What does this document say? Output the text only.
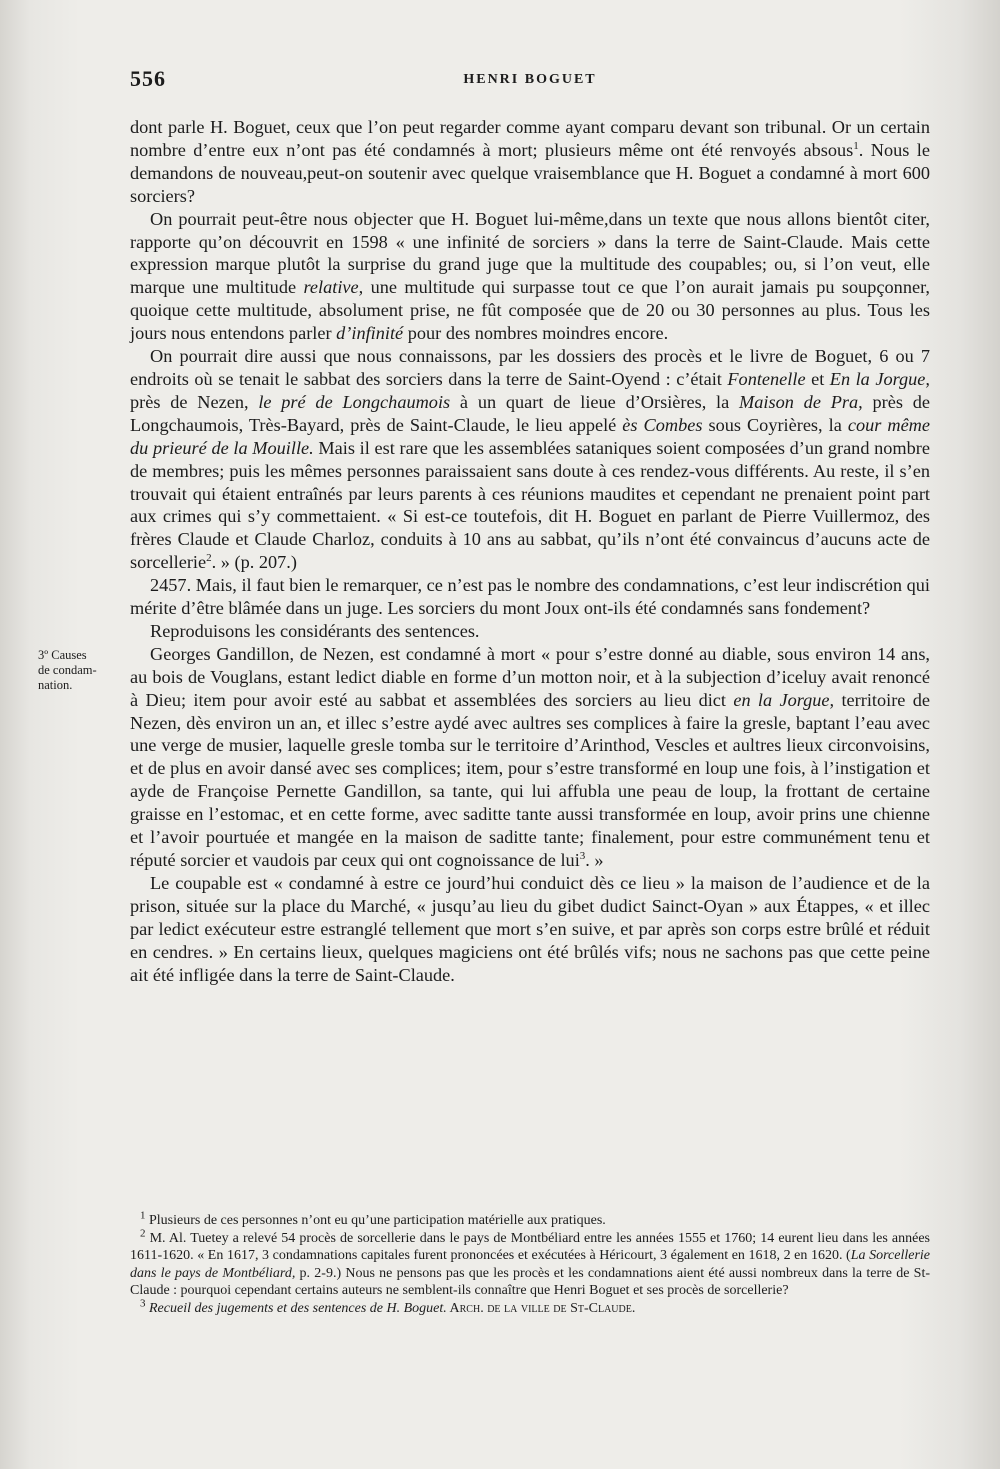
556	HENRI BOGUET
3º Causes
de condam-
nation.

dont parle H. Boguet, ceux que l’on peut regarder comme ayant comparu devant son tribunal. Or un certain nombre d’entre eux n’ont pas été condamnés à mort; plusieurs même ont été renvoyés absous$^1$. Nous le demandons de nouveau,peut-on soutenir avec quelque vraisemblance que H. Boguet a condamné à mort 600 sorciers?

On pourrait peut-être nous objecter que H. Boguet lui-même,dans un texte que nous allons bientôt citer, rapporte qu’on découvrit en 1598 « une infinité de sorciers » dans la terre de Saint-Claude. Mais cette expression marque plutôt la surprise du grand juge que la multitude des coupables; ou, si l’on veut, elle marque une multitude relative, une multitude qui surpasse tout ce que l’on aurait jamais pu soupçonner, quoique cette multitude, absolument prise, ne fût composée que de 20 ou 30 personnes au plus. Tous les jours nous entendons parler d’infinité pour des nombres moindres encore.

On pourrait dire aussi que nous connaissons, par les dossiers des procès et le livre de Boguet, 6 ou 7 endroits où se tenait le sabbat des sorciers dans la terre de Saint-Oyend : c’était Fontenelle et En la Jorgue, près de Nezen, le pré de Longchaumois à un quart de lieue d’Orsières, la Maison de Pra, près de Longchaumois, Très-Bayard, près de Saint-Claude, le lieu appelé ès Combes sous Coyrières, la cour même du prieuré de la Mouille. Mais il est rare que les assemblées sataniques soient composées d’un grand nombre de membres; puis les mêmes personnes paraissaient sans doute à ces rendez-vous différents. Au reste, il s’en trouvait qui étaient entraînés par leurs parents à ces réunions maudites et cependant ne prenaient point part aux crimes qui s’y commettaient. « Si est-ce toutefois, dit H. Boguet en parlant de Pierre Vuillermoz, des frères Claude et Claude Charloz, conduits à 10 ans au sabbat, qu’ils n’ont été convaincus d’aucuns acte de sorcellerie$^2$. » (p. 207.)

2457. Mais, il faut bien le remarquer, ce n’est pas le nombre des condamnations, c’est leur indiscrétion qui mérite d’être blâmée dans un juge. Les sorciers du mont Joux ont-ils été condamnés sans fondement?

Reproduisons les considérants des sentences.

Georges Gandillon, de Nezen, est condamné à mort « pour s’estre donné au diable, sous environ 14 ans, au bois de Vouglans, estant ledict diable en forme d’un motton noir, et à la subjection d’iceluy avait renoncé à Dieu; item pour avoir esté au sabbat et assemblées des sorciers au lieu dict en la Jorgue, territoire de Nezen, dès environ un an, et illec s’estre aydé avec aultres ses complices à faire la gresle, baptant l’eau avec une verge de musier, laquelle gresle tomba sur le territoire d’Arinthod, Vescles et aultres lieux circonvoisins, et de plus en avoir dansé avec ses complices; item, pour s’estre transformé en loup une fois, à l’instigation et ayde de Françoise Pernette Gandillon, sa tante, qui lui affubla une peau de loup, la frottant de certaine graisse en l’estomac, et en cette forme, avec saditte tante aussi transformée en loup, avoir prins une chienne et l’avoir pourtuée et mangée en la maison de saditte tante; finalement, pour estre communément tenu et réputé sorcier et vaudois par ceux qui ont cognoissance de lui$^3$. »

Le coupable est « condamné à estre ce jourd’hui conduict dès ce lieu » la maison de l’audience et de la prison, située sur la place du Marché, « jusqu’au lieu du gibet dudict Sainct-Oyan » aux Étappes, « et illec par ledict exécuteur estre estranglé tellement que mort s’en suive, et par après son corps estre brûlé et réduit en cendres. » En certains lieux, quelques magiciens ont été brûlés vifs; nous ne sachons pas que cette peine ait été infligée dans la terre de Saint-Claude.

$^1$ Plusieurs de ces personnes n’ont eu qu’une participation matérielle aux pratiques.

$^2$ M. Al. Tuetey a relevé 54 procès de sorcellerie dans le pays de Montbéliard entre les années 1555 et 1760; 14 eurent lieu dans les années 1611-1620. « En 1617, 3 condamnations capitales furent prononcées et exécutées à Héricourt, 3 également en 1618, 2 en 1620. (La Sorcellerie dans le pays de Montbéliard, p. 2-9.) Nous ne pensons pas que les procès et les condamnations aient été aussi nombreux dans la terre de St-Claude : pourquoi cependant certains auteurs ne semblent-ils connaître que Henri Boguet et ses procès de sorcellerie?

$^3$ Recueil des jugements et des sentences de H. Boguet. Arch. de la ville de St-Claude.
